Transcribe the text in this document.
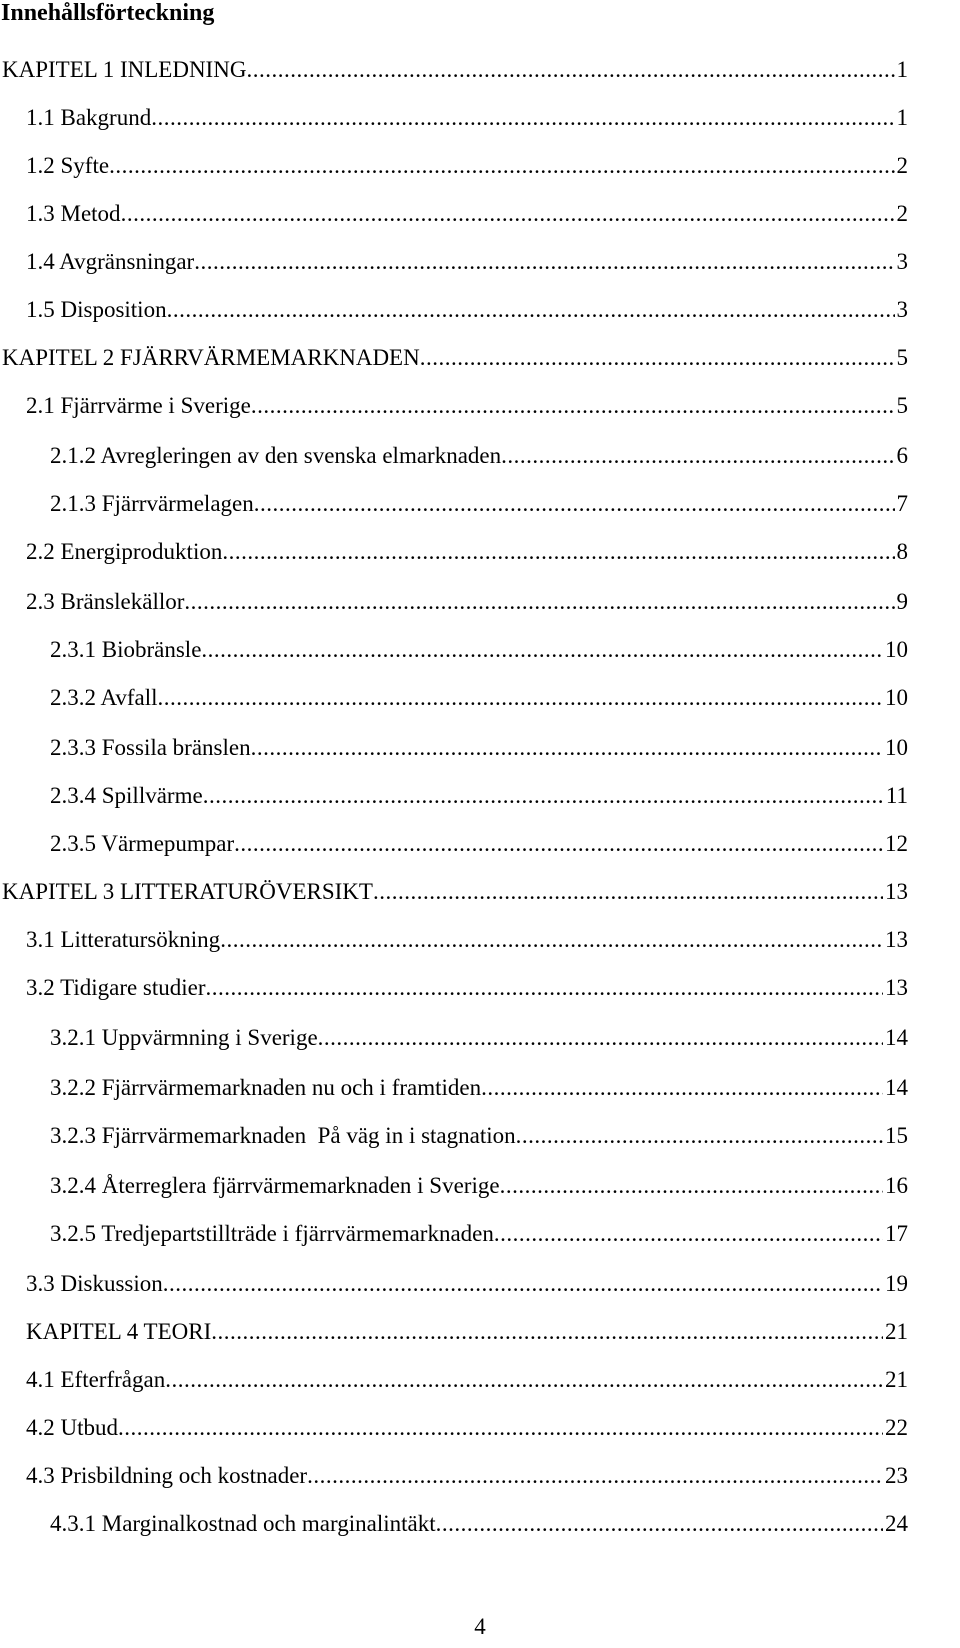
Innehållsförteckning
KAPITEL 1 INLEDNING .....	1
1.1 Bakgrund .....	1
1.2 Syfte .....	2
1.3 Metod .....	2
1.4 Avgränsningar .....	3
1.5 Disposition .....	3
KAPITEL 2 FJÄRRVÄRMEMARKNADEN .....	5
2.1 Fjärrvärme i Sverige .....	5
2.1.2 Avregleringen av den svenska elmarknaden .....	6
2.1.3 Fjärrvärmelagen .....	7
2.2 Energiproduktion .....	8
2.3 Bränslekällor .....	9
2.3.1 Biobränsle .....	10
2.3.2 Avfall .....	10
2.3.3 Fossila bränslen .....	10
2.3.4 Spillvärme .....	11
2.3.5 Värmepumpar .....	12
KAPITEL 3 LITTERATURÖVERSIKT .....	13
3.1 Litteratursökning .....	13
3.2 Tidigare studier .....	13
3.2.1 Uppvärmning i Sverige .....	14
3.2.2 Fjärrvärmemarknaden nu och i framtiden .....	14
3.2.3 Fjärrvärmemarknaden  På väg in i stagnation .....	15
3.2.4 Återreglera fjärrvärmemarknaden i Sverige .....	16
3.2.5 Tredjepartstillträde i fjärrvärmemarknaden .....	17
3.3 Diskussion .....	19
KAPITEL 4 TEORI .....	21
4.1 Efterfrågan .....	21
4.2 Utbud .....	22
4.3 Prisbildning och kostnader .....	23
4.3.1 Marginalkostnad och marginalintäkt .....	24
4
